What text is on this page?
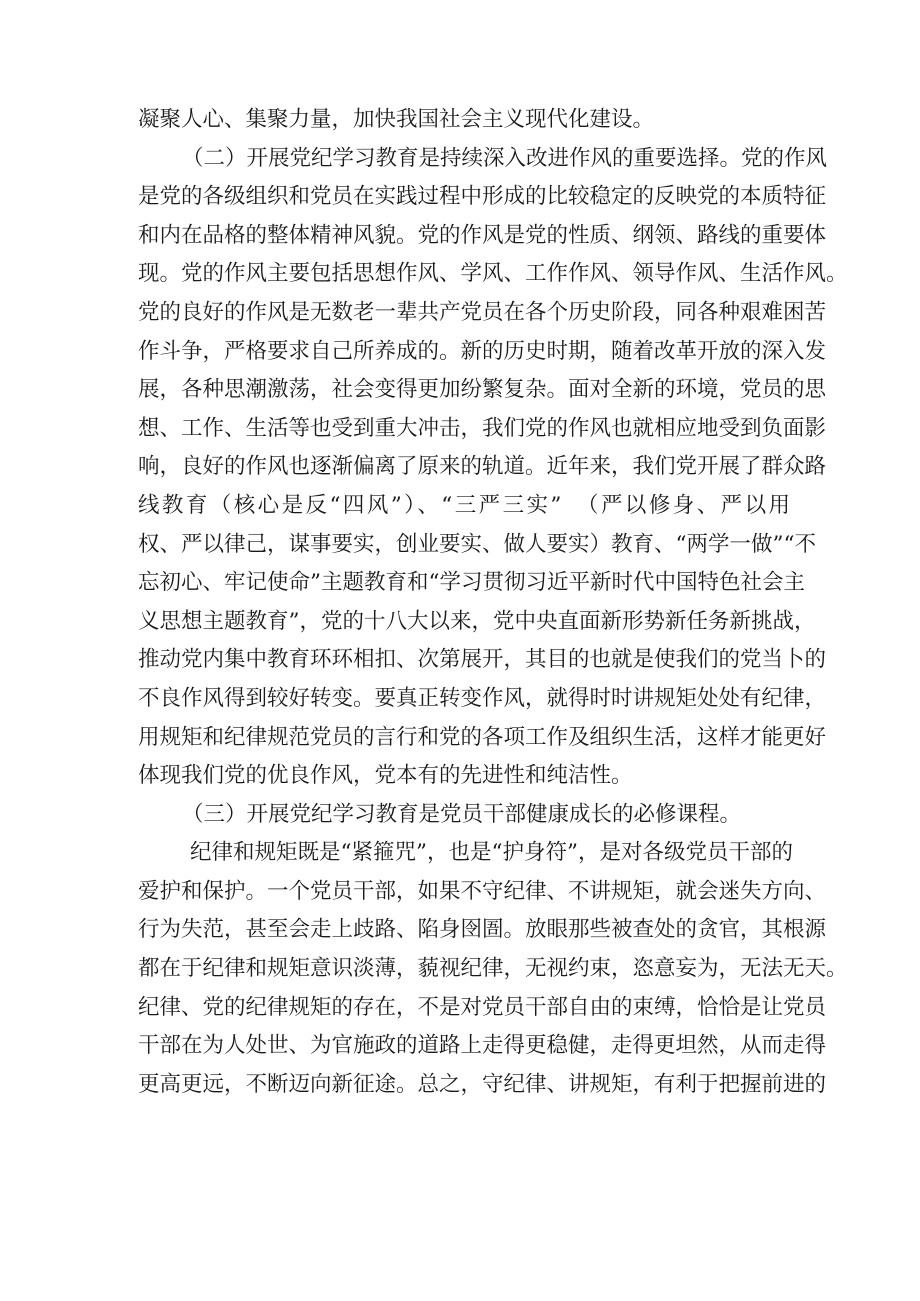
凝聚人心、集聚力量，加快我国社会主义现代化建设。
（二）开展党纪学习教育是持续深入改进作风的重要选择。党的作风
是党的各级组织和党员在实践过程中形成的比较稳定的反映党的本质特征
和内在品格的整体精神风貌。党的作风是党的性质、纲领、路线的重要体
现。党的作风主要包括思想作风、学风、工作作风、领导作风、生活作风。
党的良好的作风是无数老一辈共产党员在各个历史阶段，同各种艰难困苦
作斗争，严格要求自己所养成的。新的历史时期，随着改革开放的深入发
展，各种思潮激荡，社会变得更加纷繁复杂。面对全新的环境，党员的思
想、工作、生活等也受到重大冲击，我们党的作风也就相应地受到负面影
响，良好的作风也逐渐偏离了原来的轨道。近年来，我们党开展了群众路
线教育（核心是反“四风”）、“三严三实”　（严以修身、严以用
权、严以律己，谋事要实，创业要实、做人要实）教育、“两学一做”“不
忘初心、牢记使命”主题教育和“学习贯彻习近平新时代中国特色社会主
义思想主题教育”，党的十八大以来，党中央直面新形势新任务新挑战，
推动党内集中教育环环相扣、次第展开，其目的也就是使我们的党当卜的
不良作风得到较好转变。要真正转变作风，就得时时讲规矩处处有纪律，
用规矩和纪律规范党员的言行和党的各项工作及组织生活，这样才能更好
体现我们党的优良作风，党本有的先进性和纯洁性。
（三）开展党纪学习教育是党员干部健康成长的必修课程。
纪律和规矩既是“紧箍咒”，也是“护身符”，是对各级党员干部的
爱护和保护。一个党员干部，如果不守纪律、不讲规矩，就会迷失方向、
行为失范，甚至会走上歧路、陷身囹圄。放眼那些被查处的贪官，其根源
都在于纪律和规矩意识淡薄，藐视纪律，无视约束，恣意妄为，无法无天。
纪律、党的纪律规矩的存在，不是对党员干部自由的束缚，恰恰是让党员
干部在为人处世、为官施政的道路上走得更稳健，走得更坦然，从而走得
更高更远，不断迈向新征途。总之，守纪律、讲规矩，有利于把握前进的
